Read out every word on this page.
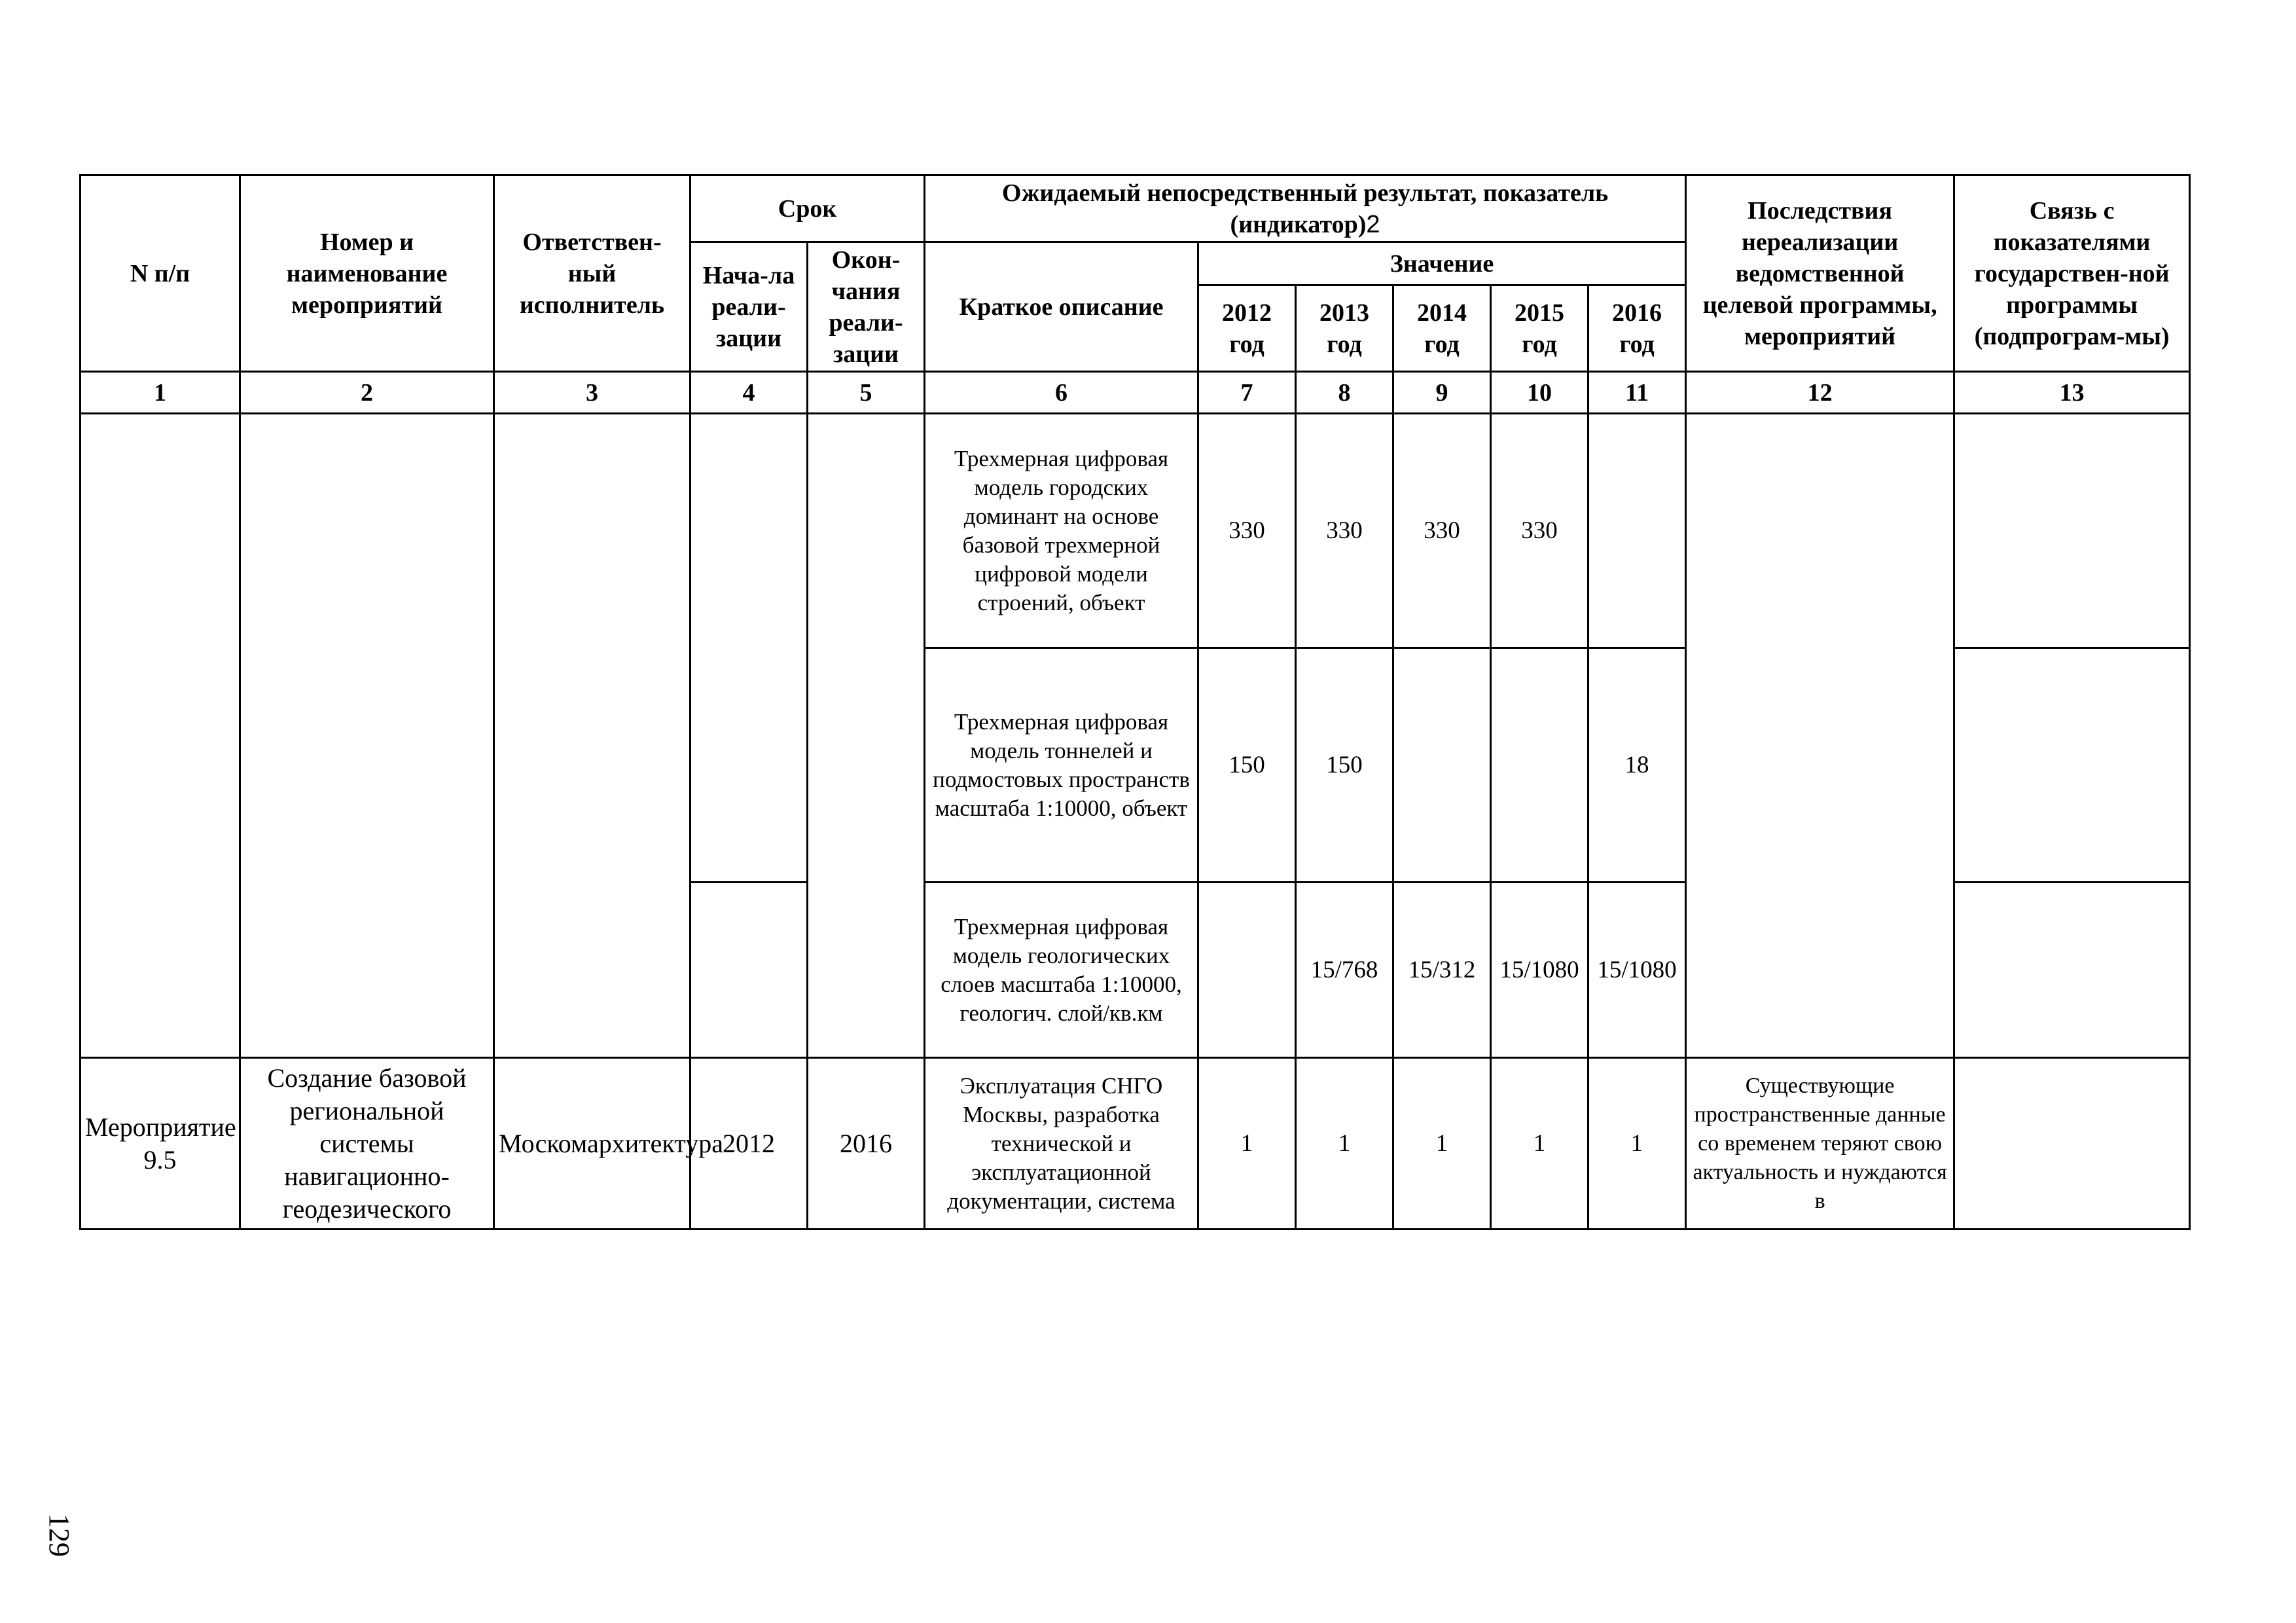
N п/п	Номер и наименование мероприятий	Ответствен-ный исполнитель	Срок		Ожидаемый непосредственный результат, показатель (индикатор)2						Последствия нереализации ведомственной целевой программы, мероприятий	Связь с показателями государствен-ной программы (подпрограм-мы)
			Нача-ла реали-зации	Окон-чания реали-зации	Краткое описание	Значение						
						2012 год	2013 год	2014 год	2015 год	2016 год		
1	2	3	4	5	6	7	8	9	10	11	12	13
					Трехмерная цифровая модель городских доминант на основе базовой трехмерной цифровой модели строений, объект	330	330	330	330			
					Трехмерная цифровая модель тоннелей и подмостовых пространств масштаба 1:10000, объект	150	150			18		
					Трехмерная цифровая модель геологических слоев масштаба 1:10000, геологич. слой/кв.км		15/768	15/312	15/1080	15/1080		
Мероприятие 9.5	Создание базовой региональной системы навигационно-геодезического	Москомархитектура	2012	2016	Эксплуатация СНГО Москвы, разработка технической и эксплуатационной документации, система	1	1	1	1	1	Существующие пространственные данные со временем теряют свою актуальность и нуждаются в	
129
